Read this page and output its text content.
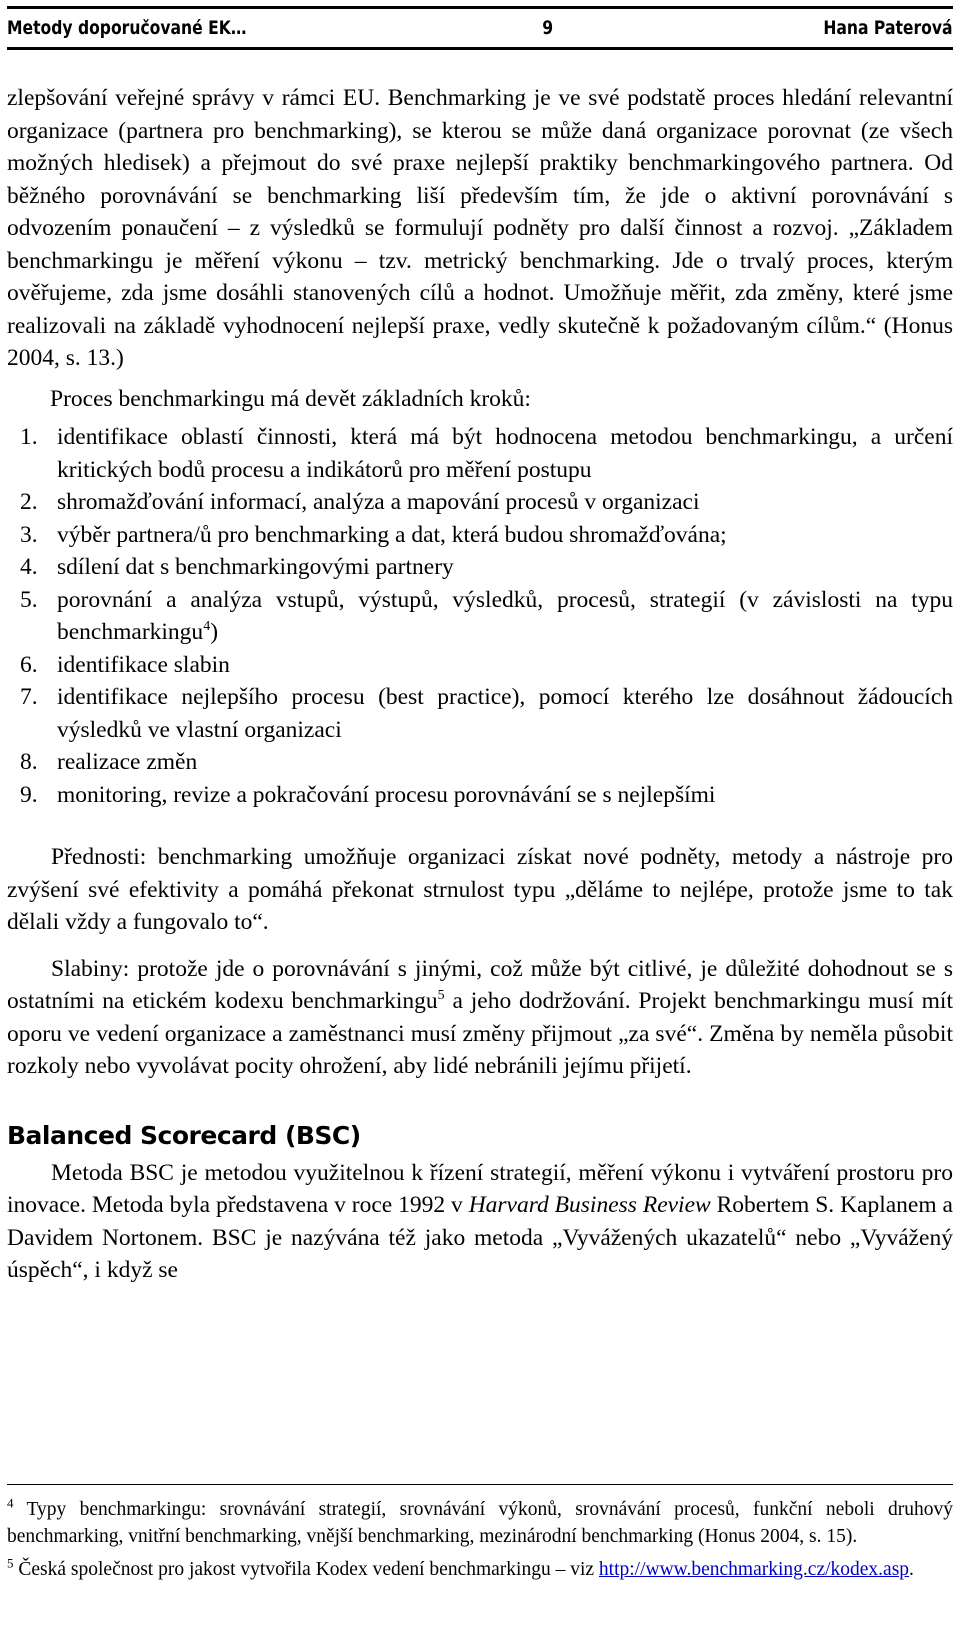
Metody doporučované EK…	9	Hana Paterová

zlepšování veřejné správy v rámci EU. Benchmarking je ve své podstatě proces hledání relevantní organizace (partnera pro benchmarking), se kterou se může daná organizace porovnat (ze všech možných hledisek) a přejmout do své praxe nejlepší praktiky benchmarkingového partnera. Od běžného porovnávání se benchmarking liší především tím, že jde o aktivní porovnávání s odvozením ponaučení – z výsledků se formulují podněty pro další činnost a rozvoj. „Základem benchmarkingu je měření výkonu – tzv. metrický benchmarking. Jde o trvalý proces, kterým ověřujeme, zda jsme dosáhli stanovených cílů a hodnot. Umožňuje měřit, zda změny, které jsme realizovali na základě vyhodnocení nejlepší praxe, vedly skutečně k požadovaným cílům.“ (Honus 2004, s. 13.)

Proces benchmarkingu má devět základních kroků:

1. identifikace oblastí činnosti, která má být hodnocena metodou benchmarkingu, a určení kritických bodů procesu a indikátorů pro měření postupu
2. shromažďování informací, analýza a mapování procesů v organizaci
3. výběr partnera/ů pro benchmarking a dat, která budou shromažďována;
4. sdílení dat s benchmarkingovými partnery
5. porovnání a analýza vstupů, výstupů, výsledků, procesů, strategií (v závislosti na typu benchmarkingu$^4$)
6. identifikace slabin
7. identifikace nejlepšího procesu (best practice), pomocí kterého lze dosáhnout žádoucích výsledků ve vlastní organizaci
8. realizace změn
9. monitoring, revize a pokračování procesu porovnávání se s nejlepšími

Přednosti: benchmarking umožňuje organizaci získat nové podněty, metody a nástroje pro zvýšení své efektivity a pomáhá překonat strnulost typu „děláme to nejlépe, protože jsme to tak dělali vždy a fungovalo to“.

Slabiny: protože jde o porovnávání s jinými, což může být citlivé, je důležité dohodnout se s ostatními na etickém kodexu benchmarkingu$^5$ a jeho dodržování. Projekt benchmarkingu musí mít oporu ve vedení organizace a zaměstnanci musí změny přijmout „za své“. Změna by neměla působit rozkoly nebo vyvolávat pocity ohrožení, aby lidé nebránili jejímu přijetí.

Balanced Scorecard (BSC)

Metoda BSC je metodou využitelnou k řízení strategií, měření výkonu i vytváření prostoru pro inovace. Metoda byla představena v roce 1992 v Harvard Business Review Robertem S. Kaplanem a Davidem Nortonem. BSC je nazývána též jako metoda „Vyvážených ukazatelů“ nebo „Vyvážený úspěch“, i když se

$^4$ Typy benchmarkingu: srovnávání strategií, srovnávání výkonů, srovnávání procesů, funkční neboli druhový benchmarking, vnitřní benchmarking, vnější benchmarking, mezinárodní benchmarking (Honus 2004, s. 15).

$^5$ Česká společnost pro jakost vytvořila Kodex vedení benchmarkingu – viz http://www.benchmarking.cz/kodex.asp.
